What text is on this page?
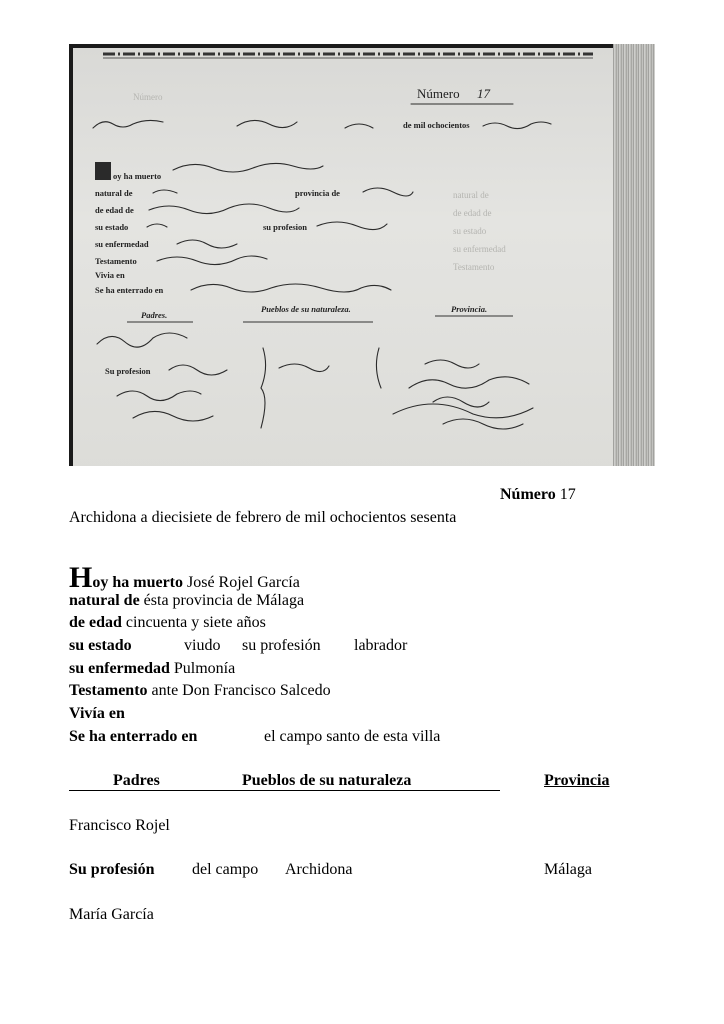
Número
natural de
de edad de
su estado
su enfermedad
Testamento
Número 17
de mil ochocientos
oy ha muerto
natural de	provincia de
de edad de
su estado	su profesion
su enfermedad
Testamento
Vivia en
Se ha enterrado en
Padres.
Pueblos de su naturaleza.	Provincia.
Su profesion
Número 17
Archidona a diecisiete de febrero de mil ochocientos sesenta
Hoy ha muerto José Rojel García
natural de ésta provincia de Málaga
de edad cincuenta y siete años
su estado	viudo su profesión labrador
su enfermedad Pulmonía
Testamento ante Don Francisco Salcedo
Vivía en
Se ha enterrado en	el campo santo de esta villa
Padres	Pueblos de su naturaleza	Provincia
Francisco Rojel
Su profesión del campo Archidona	Málaga
María García
